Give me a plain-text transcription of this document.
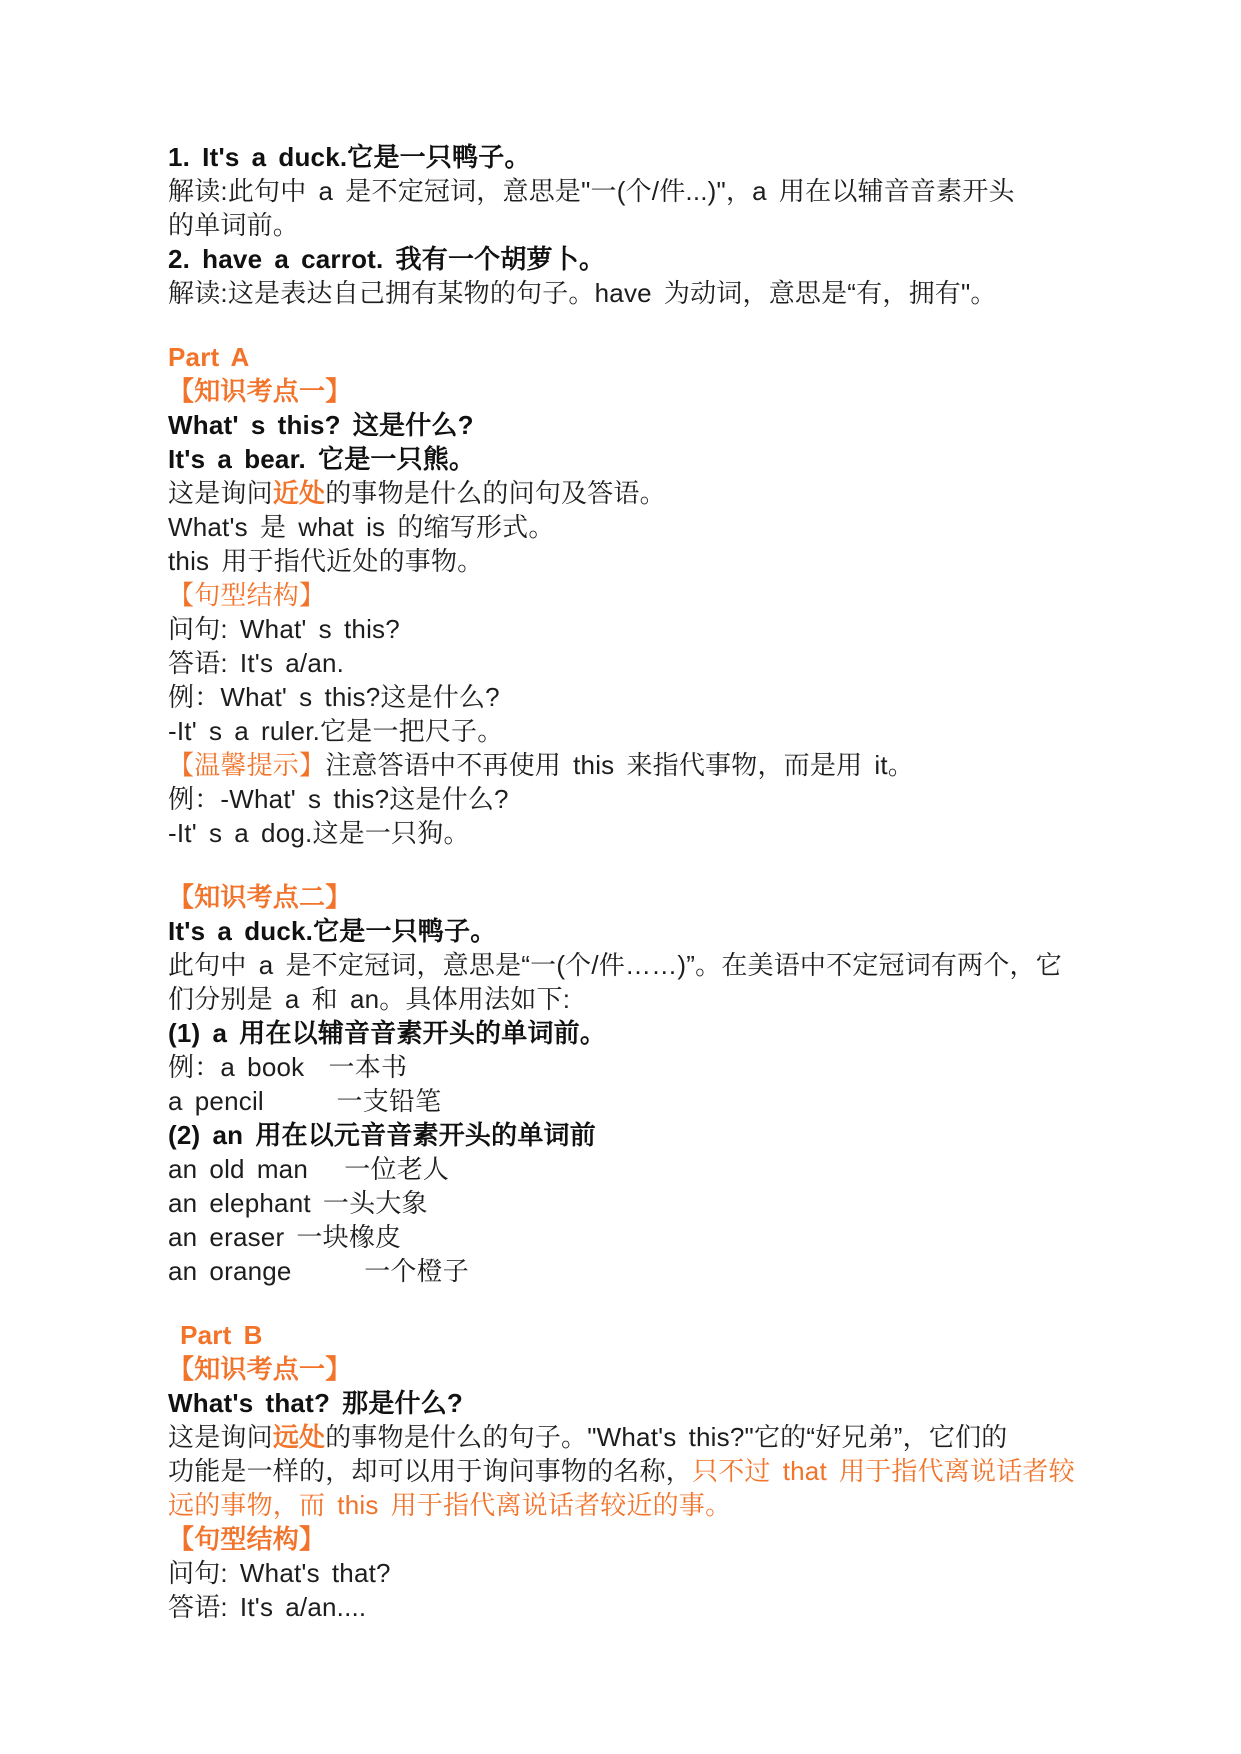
1. It's a duck.它是一只鸭子。
解读:此句中 a 是不定冠词，意思是"一(个/件...)"，a 用在以辅音音素开头
的单词前。
2. have a carrot. 我有一个胡萝卜。
解读:这是表达自己拥有某物的句子。have 为动词，意思是“有，拥有"。
Part A
【知识考点一】
What' s this? 这是什么?
It's a bear. 它是一只熊。
这是询问近处的事物是什么的问句及答语。
What's 是 what is 的缩写形式。
this 用于指代近处的事物。
【句型结构】
问句: What' s this?
答语: It's a/an.
例：What' s this?这是什么?
-It' s a ruler.它是一把尺子。
【温馨提示】注意答语中不再使用 this 来指代事物，而是用 it。
例：-What' s this?这是什么?
-It' s a dog.这是一只狗。
【知识考点二】
It's a duck.它是一只鸭子。
此句中 a 是不定冠词，意思是“一(个/件……)”。在美语中不定冠词有两个，它
们分别是 a 和 an。具体用法如下:
(1) a 用在以辅音音素开头的单词前。
例：a book  一本书
a pencil      一支铅笔
(2) an 用在以元音音素开头的单词前
an old man   一位老人
an elephant 一头大象
an eraser 一块橡皮
an orange      一个橙子
Part B
【知识考点一】
What's that? 那是什么?
这是询问远处的事物是什么的句子。"What's this?"它的“好兄弟”，它们的
功能是一样的，却可以用于询问事物的名称，只不过 that 用于指代离说话者较
远的事物，而 this 用于指代离说话者较近的事。
【句型结构】
问句: What's that?
答语: It's a/an....
